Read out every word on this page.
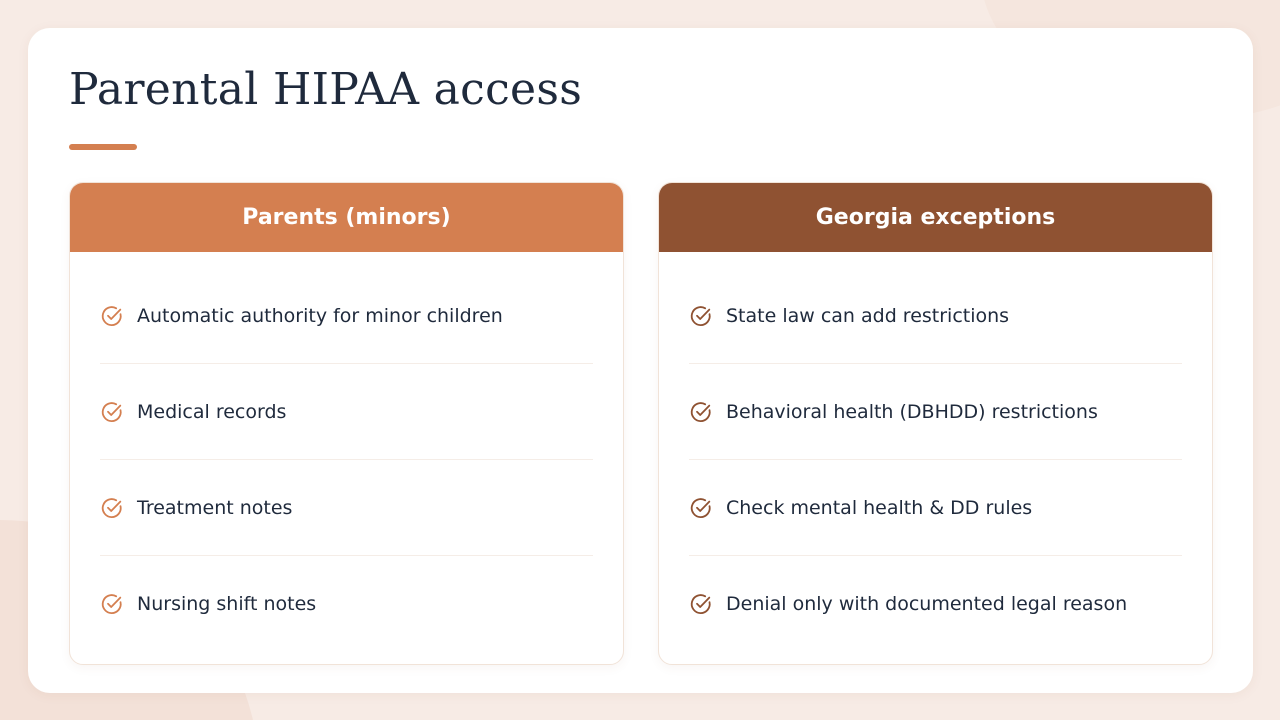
Parental HIPAA access
Parents (minors)
Automatic authority for minor children
Medical records
Treatment notes
Nursing shift notes
Georgia exceptions
State law can add restrictions
Behavioral health (DBHDD) restrictions
Check mental health & DD rules
Denial only with documented legal reason
